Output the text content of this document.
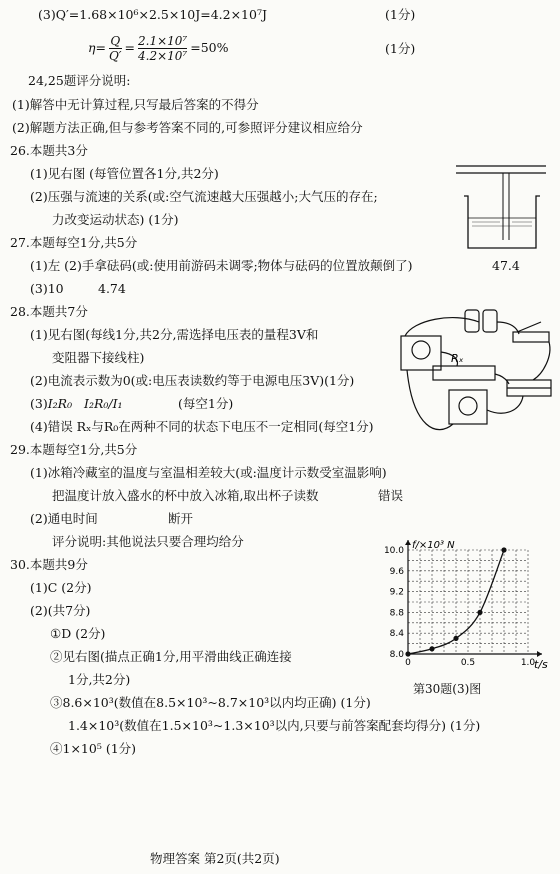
(3)Q′=1.68×10⁶×2.5×10J=4.2×10⁷J	(1分)
$\eta= \frac{Q}{Q'} = \frac{\text{2.1×10⁷}}{\text{4.2×10⁷}} =50\%$	(1分)
24,25题评分说明:
(1)解答中无计算过程,只写最后答案的不得分
(2)解题方法正确,但与参考答案不同的,可参照评分建议相应给分
26.本题共3分
(1)见右图 (每管位置各1分,共2分)
(2)压强与流速的关系(或:空气流速越大压强越小;大气压的存在;
力改变运动状态) (1分)
27.本题每空1分,共5分
(1)左 (2)手拿砝码(或:使用前游码未调零;物体与砝码的位置放颠倒了)	47.4
(3)10	4.74
28.本题共7分
(1)见右图(每线1分,共2分,需选择电压表的量程3V和
变阻器下接线柱)
(2)电流表示数为0(或:电压表读数约等于电源电压3V)(1分)
(3)I₂R₀ I₂R₀/I₁	(每空1分)
(4)错误 Rₓ与R₀在两种不同的状态下电压不一定相同(每空1分)
Rₓ
29.本题每空1分,共5分
(1)冰箱冷藏室的温度与室温相差较大(或:温度计示数受室温影响)
把温度计放入盛水的杯中放入冰箱,取出杯子读数	错误
(2)通电时间	断开
评分说明:其他说法只要合理均给分
30.本题共9分
(1)C (2分)
(2)(共7分)
①D (2分)
②见右图(描点正确1分,用平滑曲线正确连接
1分,共2分)
③8.6×10³(数值在8.5×10³~8.7×10³以内均正确) (1分)
1.4×10³(数值在1.5×10³~1.3×10³以内,只要与前答案配套均得分) (1分)
④1×10⁵ (1分)
8.0
8.4
8.8
9.2
9.6
10.0
0	0.5	1.0
f/×10³ N
t/s
第30题(3)图
物理答案 第2页(共2页)
